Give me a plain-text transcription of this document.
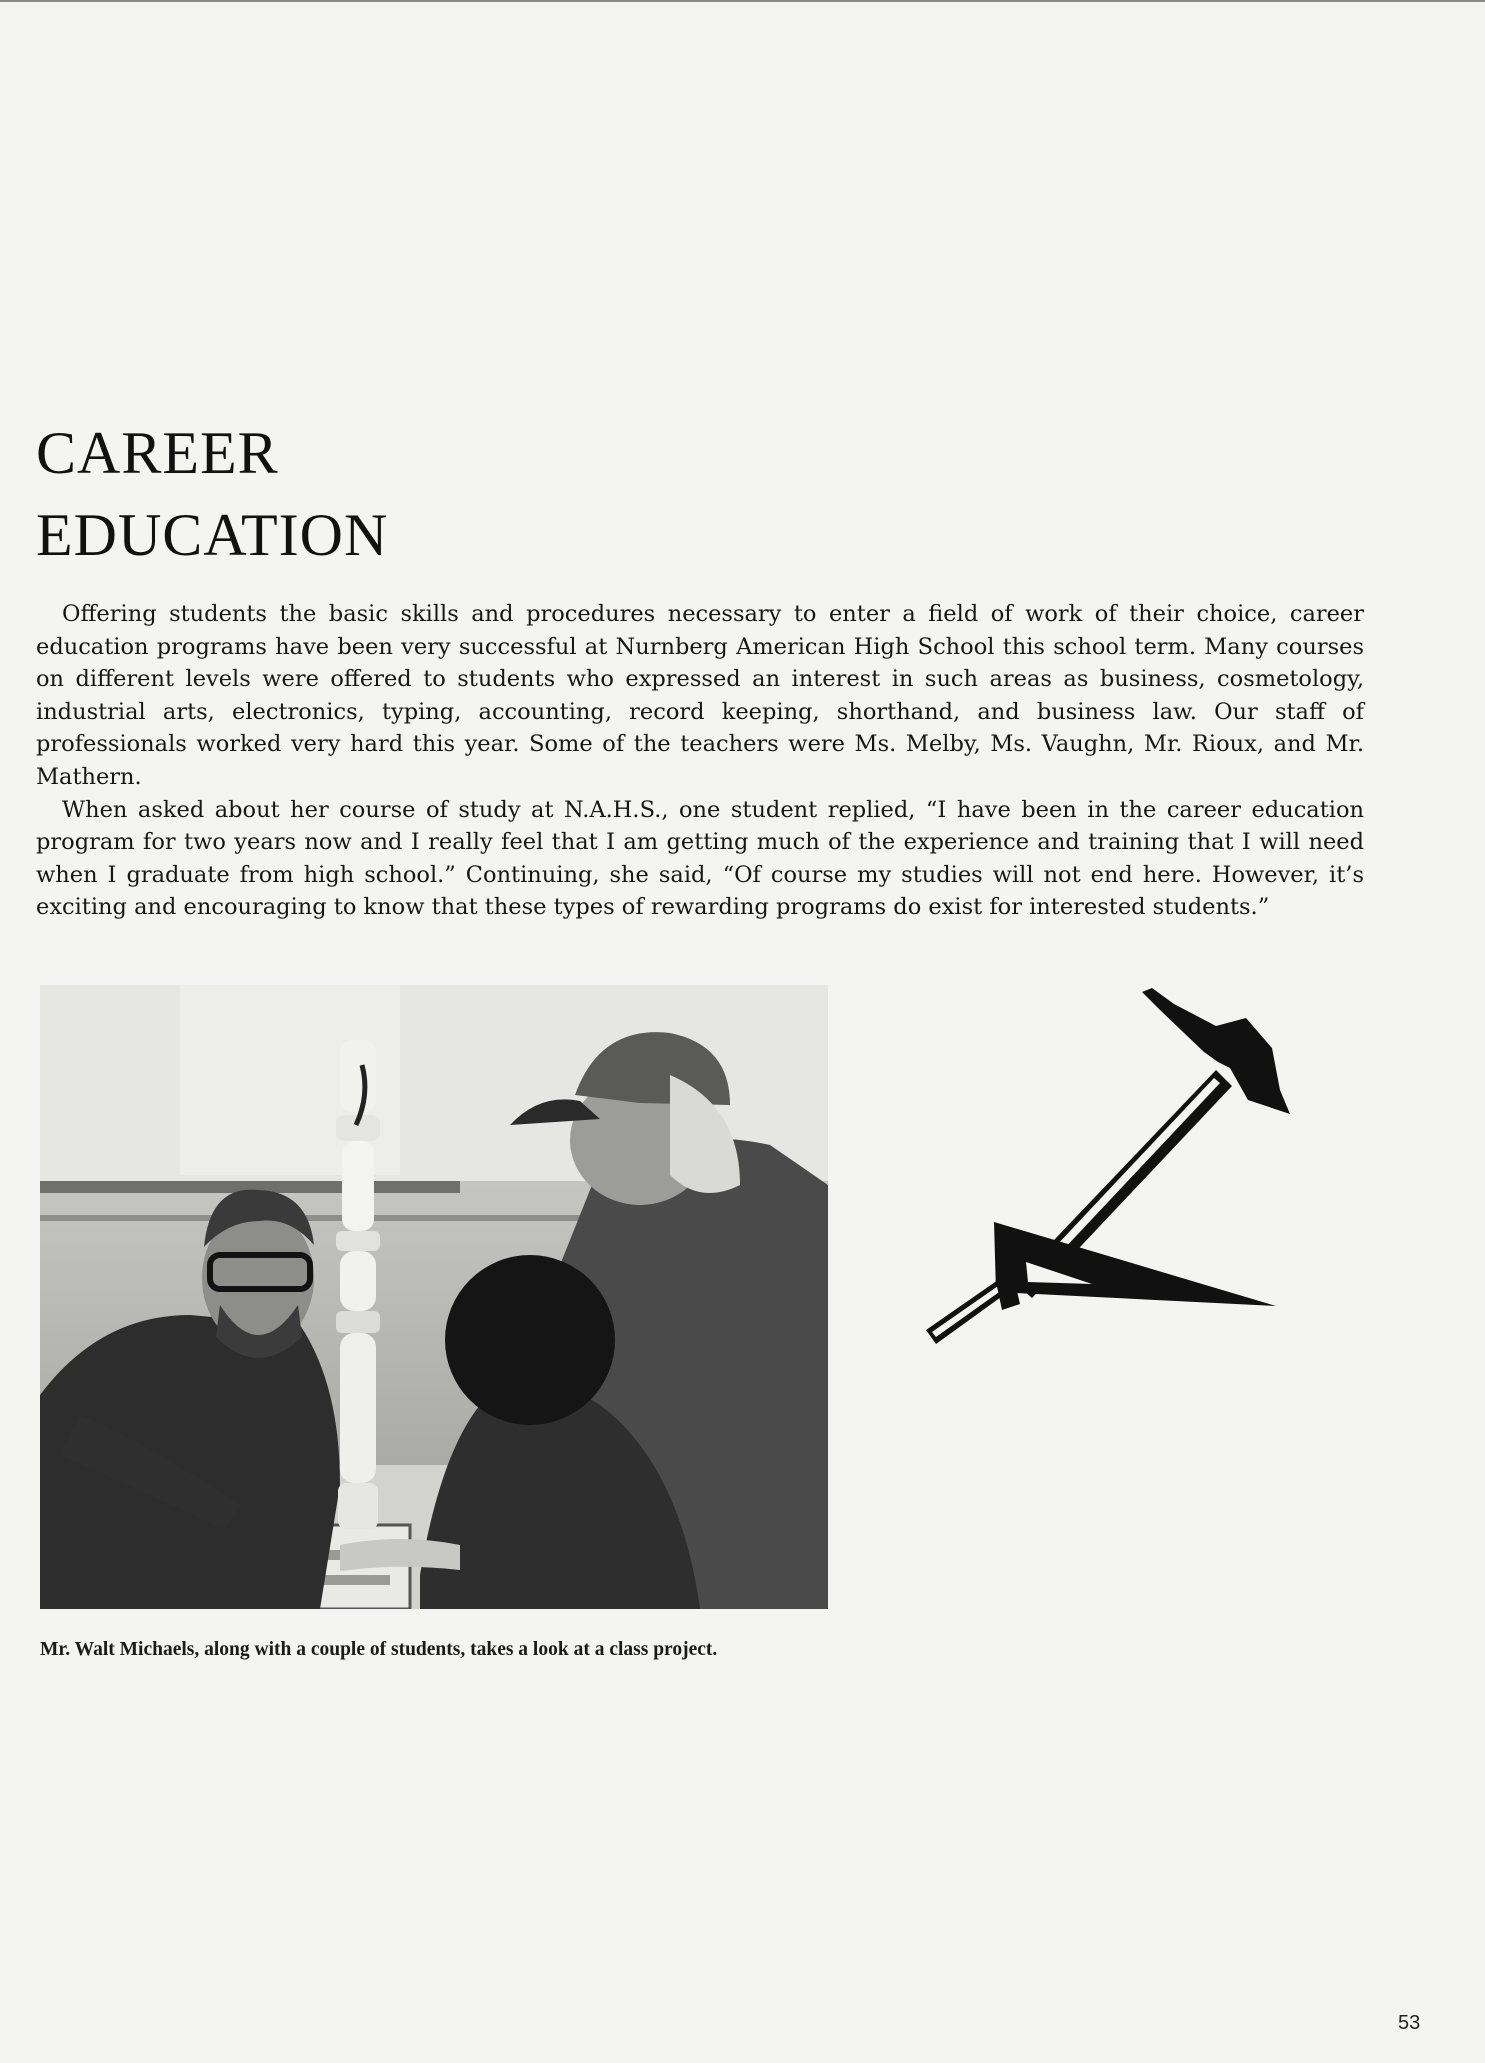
CAREER
EDUCATION

Offering students the basic skills and procedures necessary to enter a field of work of their choice, career education programs have been very successful at Nurnberg American High School this school term. Many courses on different levels were offered to students who expressed an interest in such areas as business, cosmetology, industrial arts, electronics, typing, accounting, record keeping, shorthand, and business law. Our staff of professionals worked very hard this year. Some of the teachers were Ms. Melby, Ms. Vaughn, Mr. Rioux, and Mr. Mathern.

When asked about her course of study at N.A.H.S., one student replied, “I have been in the career education program for two years now and I really feel that I am getting much of the experience and training that I will need when I graduate from high school.” Continuing, she said, “Of course my studies will not end here. However, it’s exciting and encouraging to know that these types of rewarding programs do exist for interested students.”

Mr. Walt Michaels, along with a couple of students, takes a look at a class project.
53
